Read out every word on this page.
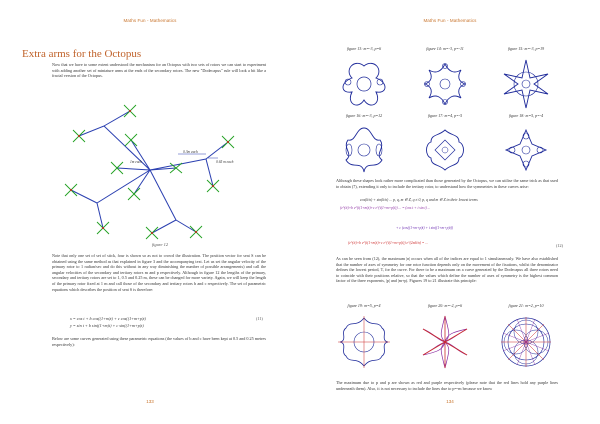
Maths Fun - Mathematics
Extra arms for the Octopus
Now that we have to some extent understood the mechanism for an Octopus with two sets of rotors we can start to experiment with adding another set of miniature arms at the ends of the secondary rotors. The new "Dodecapus" rule will look a bit like a fractal version of the Octopus.
1m each
0.3m each
0.65 m each
figure 12
Note that only one set of set of stick, four is shown so as not to crowd the illustration. The position vector for seat S can be obtained using the same method as that explained in figure 3 and the accompanying text. Let us set the angular velocity of the primary rotor to 1 radian/sec and do this without in any way diminishing the number of possible arrangements) and call the angular velocities of the secondary and tertiary rotors m and p respectively. Although in figure 12 the lengths of the primary, secondary and tertiary rotors are set to 1, 0.5 and 0.25 m, these can be changed for more variety. Again, we will keep the length of the primary rotor fixed at 1 m and call those of the secondary and tertiary rotors b and c respectively. The set of parametric equations which describes the position of seat S is therefore:
x = cos t + b cos((1+m)t) + c cos((1+m+p)t)
y = sin t + b sin((1+m)t) + c sin((1+m+p)t)
(11)
Below are some curves generated using these parametric equations (the values of b and c have been kept at 0.5 and 0.25 metres respectively):
133
Maths Fun - Mathematics
figure 13: m=-3, p=6	figure 14: m=-3, p=-11	figure 15: m=-3, p=19
figure 16: m=-3, p=12	figure 17: m=4, p=-5	figure 18: m=5, p=-4
Although these shapes look rather more complicated than those generated by the Octopus, we can utilise the same trick as that used to obtain (7), extending it only to include the tertiary rotor, to understand how the symmetries in these curves arise:
cos(k/n) + sin(k/n) ... p, q, m ∈ Z, q ≠ 0, p, q and m ∈ Z in their lowest terms
(e^(it)+b e^(i(1+m)t)+c e^(i(1+m+p)t)) ... = (cos t + i sin t) ...
+ c (cos((1+m+p)t) + i sin((1+m+p)t))
(e^(it)+b e^(i(1+m)t)+c e^(i(1+m+p)t)) e^(2πik/n) = ...	(12)
As can be seen from (12), the maximum |n| occurs when all of the indices are equal to 1 simultaneously. We have also established that the number of axes of symmetry for one rotor function depends only on the movement of the fixations, whilst the denominator defines the lowest period, T, for the curve. For there to be a maximum on a curve generated by the Dodecapus all three rotors need to coincide with their positions relative, so that the values which define the number of axes of symmetry is the highest common factor of the three exponents, |p| and |m+p|. Figures 19 to 21 illustrate this principle:
figure 19: m=5, p=4	figure 20: m=-2, p=6	figure 21: m=2, p=10
The maximum due to p and p are shown as red and purple respectively (please note that the red lines hold any purple lines underneath them). Also, it is not necessary to include the lines due to p=-m because we know
134
